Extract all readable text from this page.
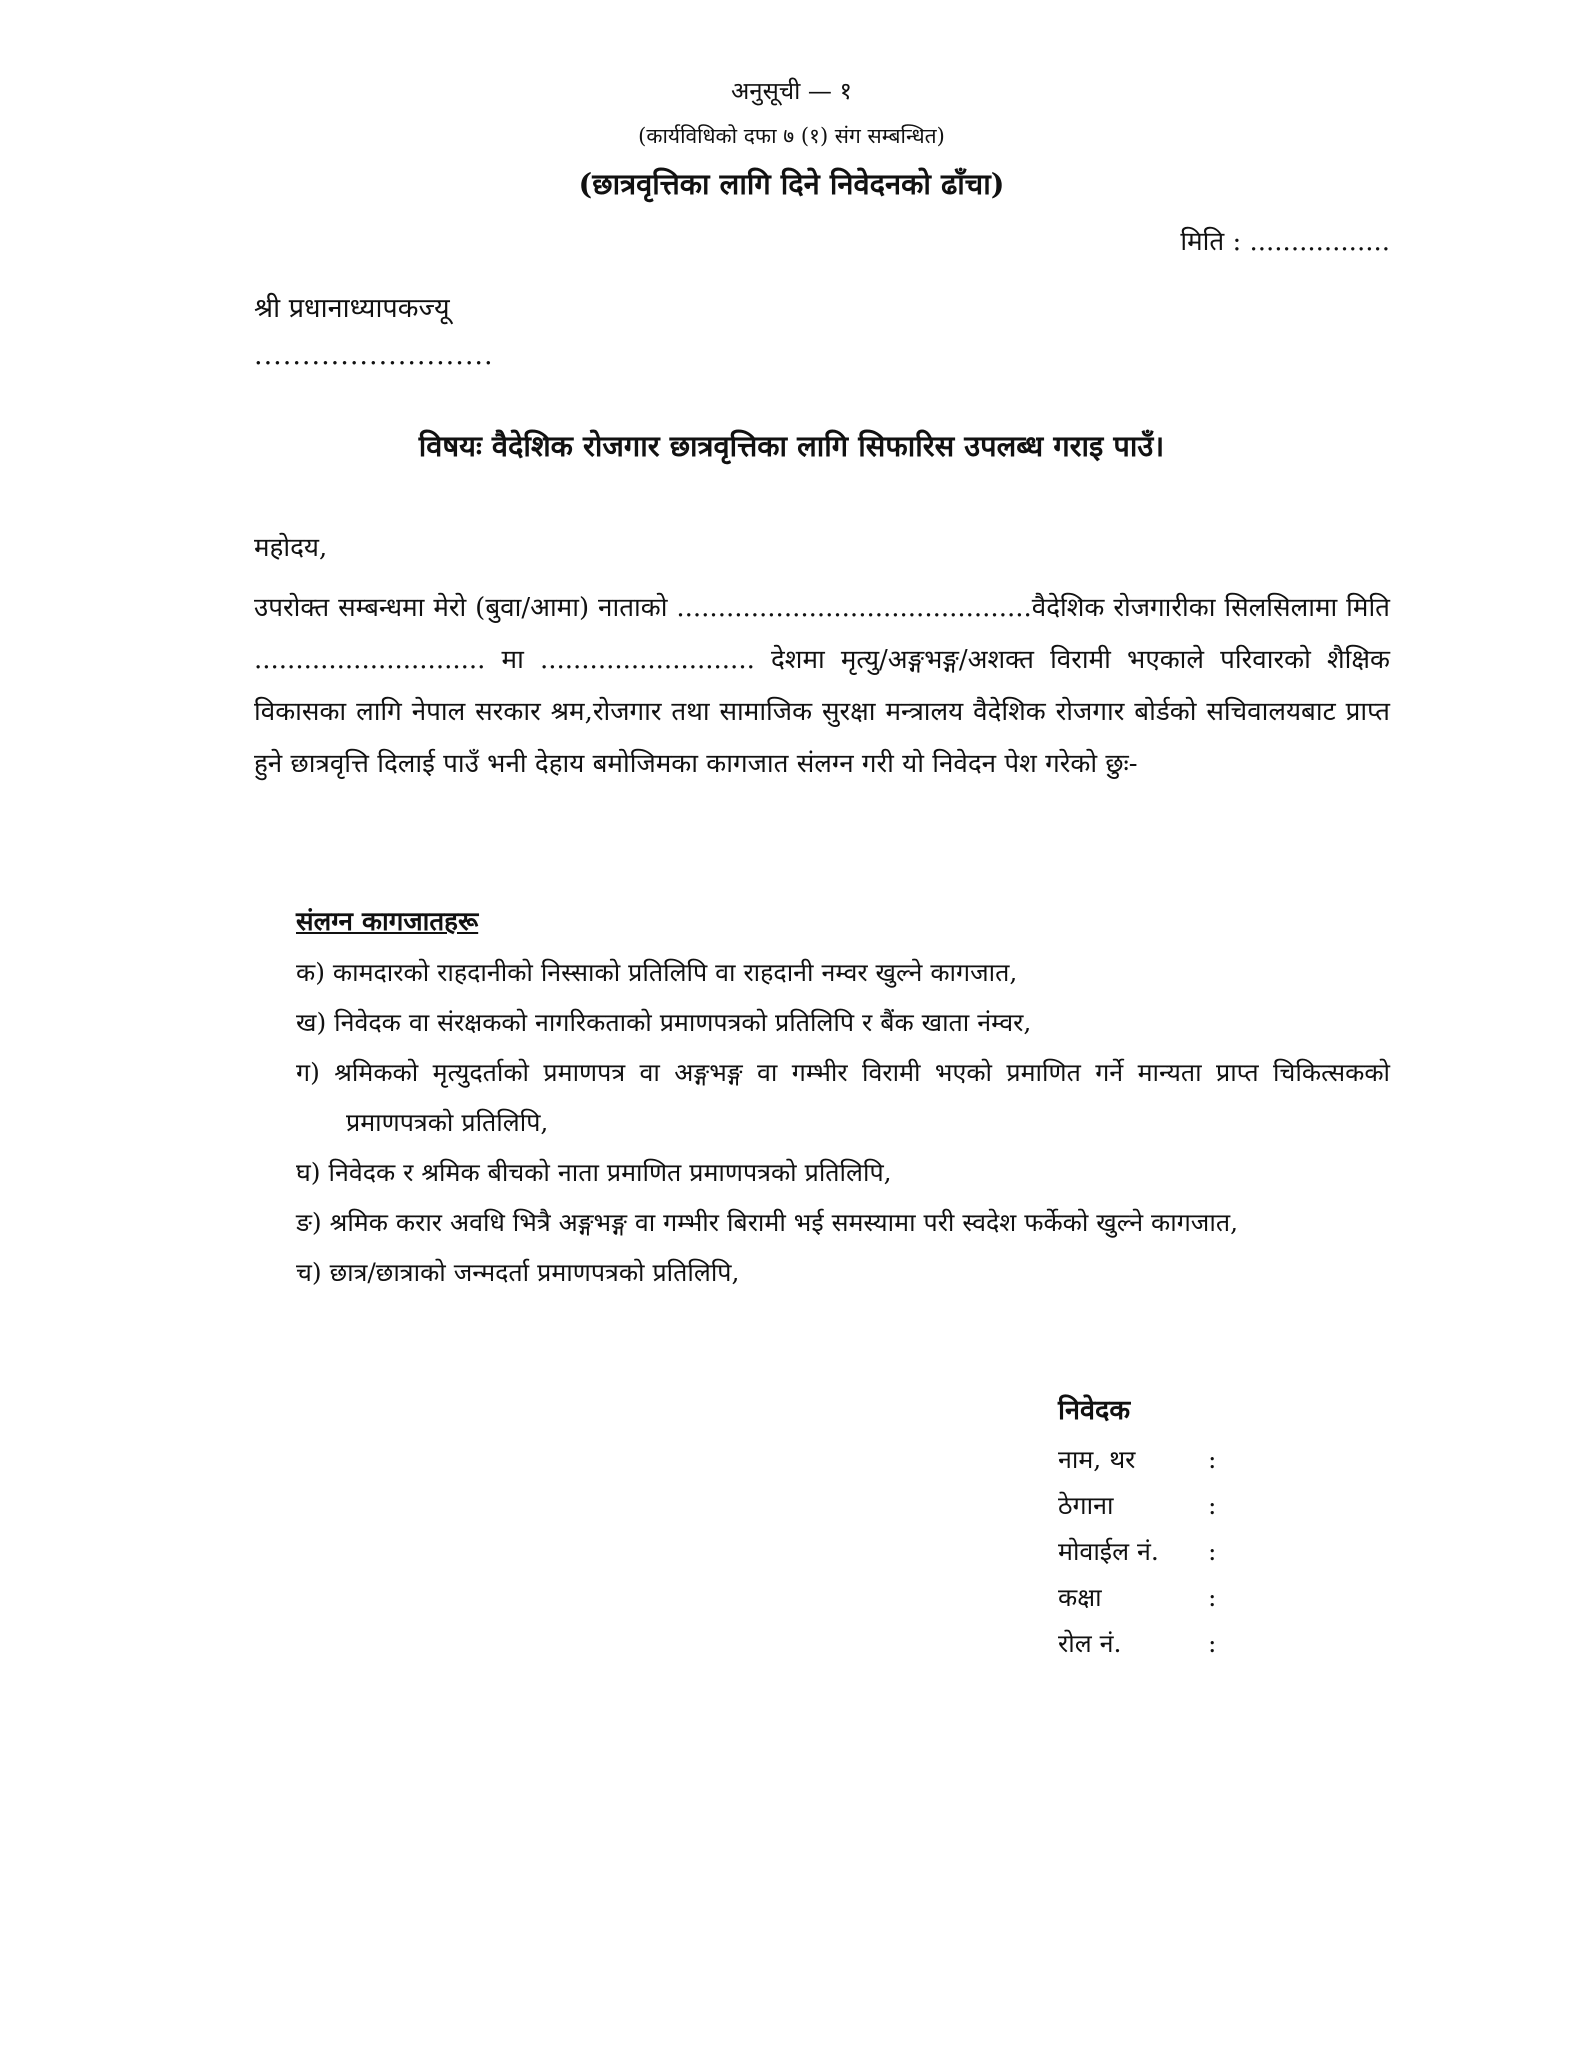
अनुसूची — १
(कार्यविधिको दफा ७ (१) संग सम्बन्धित)
(छात्रवृत्तिका लागि दिने निवेदनको ढाँचा)
मिति : .................
श्री प्रधानाध्यापकज्यू
.........................
विषयः वैदेशिक रोजगार छात्रवृत्तिका लागि सिफारिस उपलब्ध गराइ पाउँ।
महोदय,
उपरोक्त सम्बन्धमा मेरो (बुवा/आमा) नाताको ...........................................वैदेशिक रोजगारीका सिलसिलामा मिति ............................ मा .......................... देशमा मृत्यु/अङ्गभङ्ग/अशक्त विरामी भएकाले परिवारको शैक्षिक विकासका लागि नेपाल सरकार श्रम,रोजगार तथा सामाजिक सुरक्षा मन्त्रालय वैदेशिक रोजगार बोर्डको सचिवालयबाट प्राप्त हुने छात्रवृत्ति दिलाई पाउँ भनी देहाय बमोजिमका कागजात संलग्न गरी यो निवेदन पेश गरेको छुः-
संलग्न कागजातहरू
क) कामदारको राहदानीको निस्साको प्रतिलिपि वा राहदानी नम्वर खुल्ने कागजात,
ख) निवेदक वा संरक्षकको नागरिकताको प्रमाणपत्रको प्रतिलिपि र बैंक खाता नंम्वर,
ग) श्रमिकको मृत्युदर्ताको प्रमाणपत्र वा अङ्गभङ्ग वा गम्भीर विरामी भएको प्रमाणित गर्ने मान्यता प्राप्त चिकित्सकको प्रमाणपत्रको प्रतिलिपि,
घ) निवेदक र श्रमिक बीचको नाता प्रमाणित प्रमाणपत्रको प्रतिलिपि,
ङ) श्रमिक करार अवधि भित्रै अङ्गभङ्ग वा गम्भीर बिरामी भई समस्यामा परी स्वदेश फर्केको खुल्ने कागजात,
च) छात्र/छात्राको जन्मदर्ता प्रमाणपत्रको प्रतिलिपि,
निवेदक
नाम, थर	:
ठेगाना	:
मोवाईल नं. :
कक्षा	:
रोल नं.	:
